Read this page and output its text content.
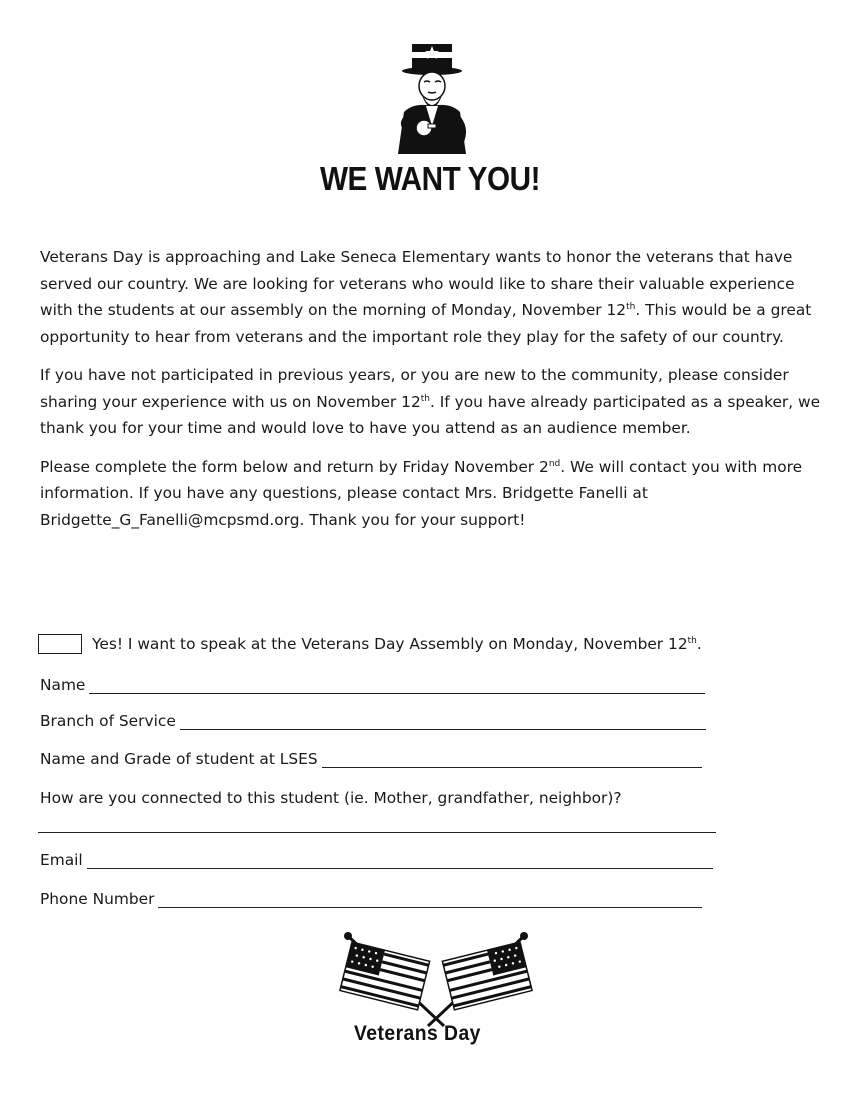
WE WANT YOU!

Veterans Day is approaching and Lake Seneca Elementary wants to honor the veterans that have served our country. We are looking for veterans who would like to share their valuable experience with the students at our assembly on the morning of Monday, November 12th. This would be a great opportunity to hear from veterans and the important role they play for the safety of our country.

If you have not participated in previous years, or you are new to the community, please consider sharing your experience with us on November 12th. If you have already participated as a speaker, we thank you for your time and would love to have you attend as an audience member.

Please complete the form below and return by Friday November 2nd. We will contact you with more information. If you have any questions, please contact Mrs. Bridgette Fanelli at Bridgette_G_Fanelli@mcpsmd.org. Thank you for your support!

Yes! I want to speak at the Veterans Day Assembly on Monday, November 12th.
Name
Branch of Service
Name and Grade of student at LSES
How are you connected to this student (ie. Mother, grandfather, neighbor)?
Email
Phone Number
Veterans Day
